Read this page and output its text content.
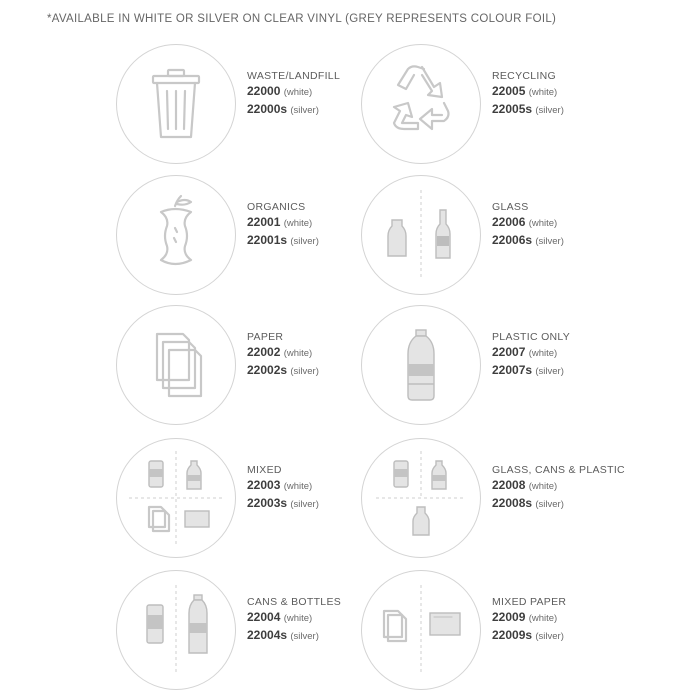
*AVAILABLE IN WHITE OR SILVER ON CLEAR VINYL (GREY REPRESENTS COLOUR FOIL)
WASTE/LANDFILL
22000 (white)
22000s (silver)
RECYCLING
22005 (white)
22005s (silver)
ORGANICS
22001 (white)
22001s (silver)
GLASS
22006 (white)
22006s (silver)
PAPER
22002 (white)
22002s (silver)
PLASTIC ONLY
22007 (white)
22007s (silver)
MIXED
22003 (white)
22003s (silver)
GLASS, CANS & PLASTIC
22008 (white)
22008s (silver)
CANS & BOTTLES
22004 (white)
22004s (silver)
MIXED PAPER
22009 (white)
22009s (silver)
